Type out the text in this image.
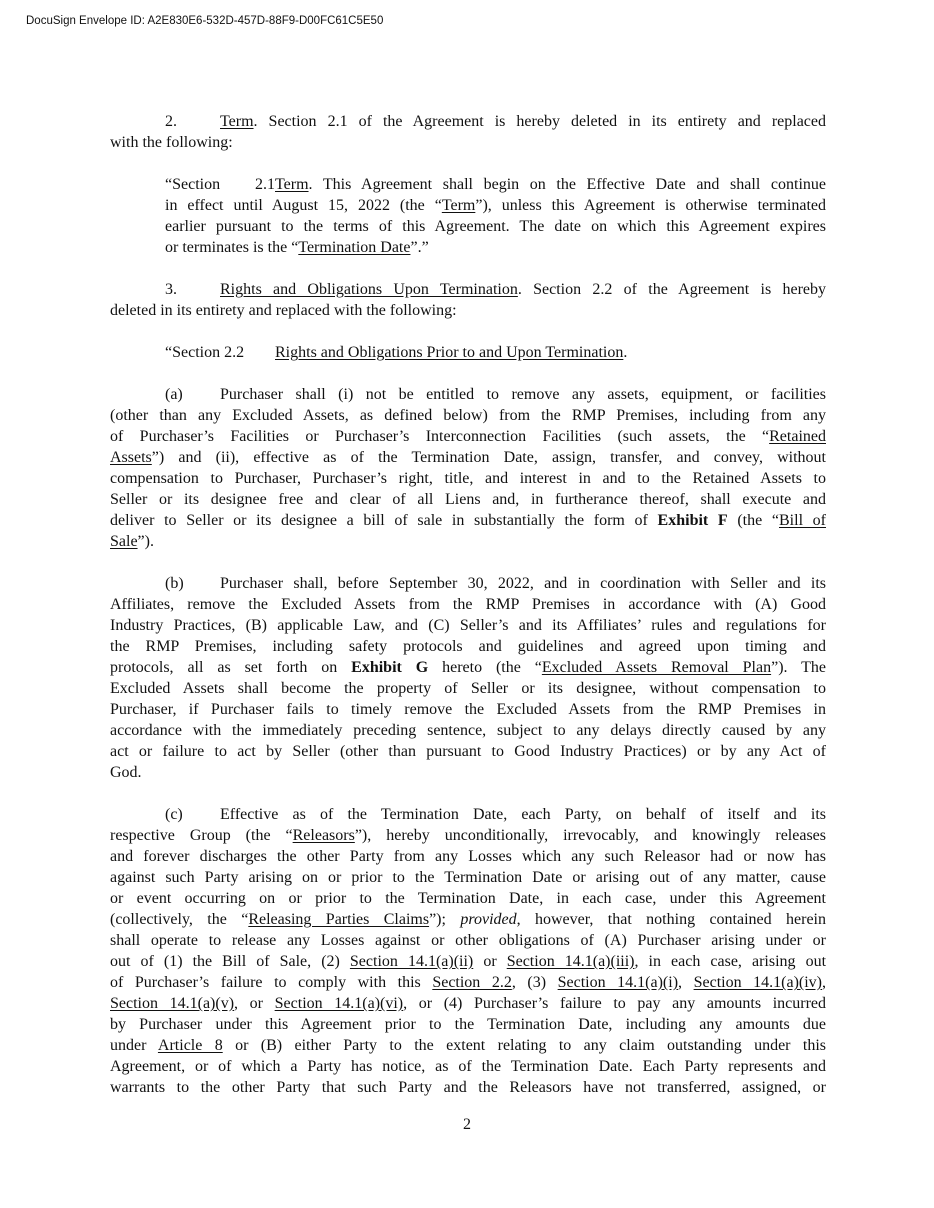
DocuSign Envelope ID: A2E830E6-532D-457D-88F9-D00FC61C5E50
2.	Term. Section 2.1 of the Agreement is hereby deleted in its entirety and replaced
with the following:
“Section 2.1Term. This Agreement shall begin on the Effective Date and shall continue
in effect until August 15, 2022 (the “Term”), unless this Agreement is otherwise terminated
earlier pursuant to the terms of this Agreement. The date on which this Agreement expires
or terminates is the “Termination Date”.”
3.	Rights and Obligations Upon Termination. Section 2.2 of the Agreement is hereby
deleted in its entirety and replaced with the following:
“Section 2.2 Rights and Obligations Prior to and Upon Termination.
(a) Purchaser shall (i) not be entitled to remove any assets, equipment, or facilities
(other than any Excluded Assets, as defined below) from the RMP Premises, including from any
of Purchaser’s Facilities or Purchaser’s Interconnection Facilities (such assets, the “Retained
Assets”) and (ii), effective as of the Termination Date, assign, transfer, and convey, without
compensation to Purchaser, Purchaser’s right, title, and interest in and to the Retained Assets to
Seller or its designee free and clear of all Liens and, in furtherance thereof, shall execute and
deliver to Seller or its designee a bill of sale in substantially the form of Exhibit F (the “Bill of
Sale”).
(b) Purchaser shall, before September 30, 2022, and in coordination with Seller and its
Affiliates, remove the Excluded Assets from the RMP Premises in accordance with (A) Good
Industry Practices, (B) applicable Law, and (C) Seller’s and its Affiliates’ rules and regulations for
the RMP Premises, including safety protocols and guidelines and agreed upon timing and
protocols, all as set forth on Exhibit G hereto (the “Excluded Assets Removal Plan”). The
Excluded Assets shall become the property of Seller or its designee, without compensation to
Purchaser, if Purchaser fails to timely remove the Excluded Assets from the RMP Premises in
accordance with the immediately preceding sentence, subject to any delays directly caused by any
act or failure to act by Seller (other than pursuant to Good Industry Practices) or by any Act of
God.
(c) Effective as of the Termination Date, each Party, on behalf of itself and its
respective Group (the “Releasors”), hereby unconditionally, irrevocably, and knowingly releases
and forever discharges the other Party from any Losses which any such Releasor had or now has
against such Party arising on or prior to the Termination Date or arising out of any matter, cause
or event occurring on or prior to the Termination Date, in each case, under this Agreement
(collectively, the “Releasing Parties Claims”); provided, however, that nothing contained herein
shall operate to release any Losses against or other obligations of (A) Purchaser arising under or
out of (1) the Bill of Sale, (2) Section 14.1(a)(ii) or Section 14.1(a)(iii), in each case, arising out
of Purchaser’s failure to comply with this Section 2.2, (3) Section 14.1(a)(i), Section 14.1(a)(iv),
Section 14.1(a)(v), or Section 14.1(a)(vi), or (4) Purchaser’s failure to pay any amounts incurred
by Purchaser under this Agreement prior to the Termination Date, including any amounts due
under Article 8 or (B) either Party to the extent relating to any claim outstanding under this
Agreement, or of which a Party has notice, as of the Termination Date. Each Party represents and
warrants to the other Party that such Party and the Releasors have not transferred, assigned, or
2
